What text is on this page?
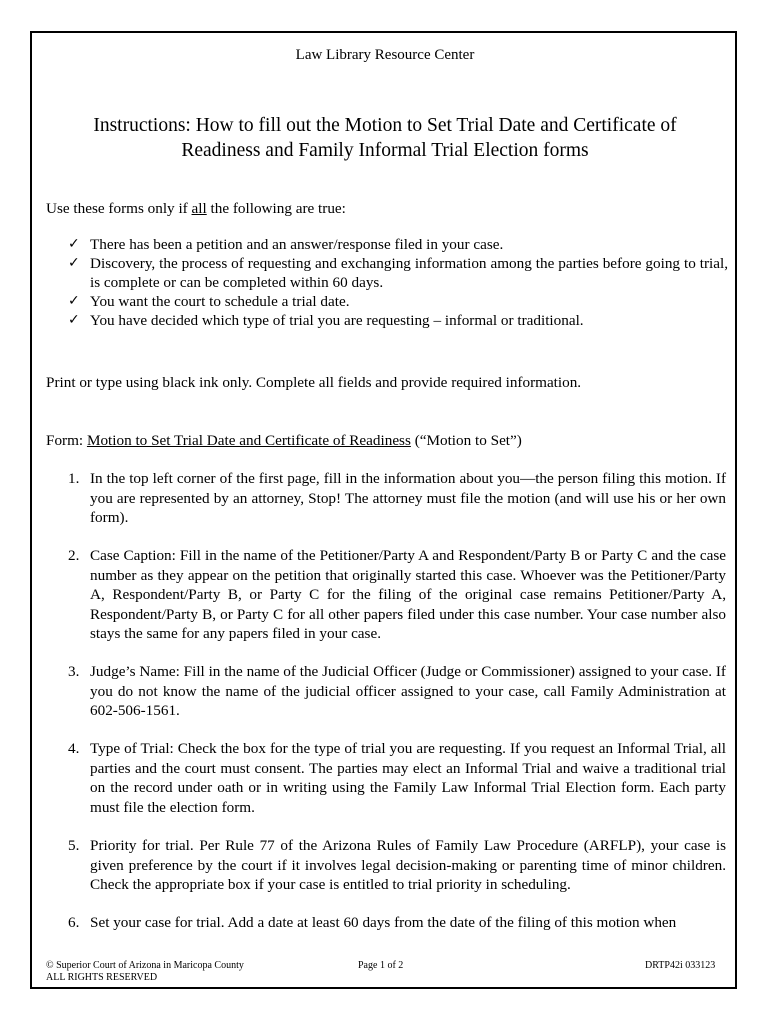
Law Library Resource Center
Instructions: How to fill out the Motion to Set Trial Date and Certificate of
Readiness and Family Informal Trial Election forms
Use these forms only if all the following are true:
✓ There has been a petition and an answer/response filed in your case.
✓ Discovery, the process of requesting and exchanging information among the parties before going to trial, is complete or can be completed within 60 days.
✓ You want the court to schedule a trial date.
✓ You have decided which type of trial you are requesting – informal or traditional.
Print or type using black ink only. Complete all fields and provide required information.
Form: Motion to Set Trial Date and Certificate of Readiness (“Motion to Set”)
1. In the top left corner of the first page, fill in the information about you—the person filing this motion. If you are represented by an attorney, Stop! The attorney must file the motion (and will use his or her own form).
2. Case Caption: Fill in the name of the Petitioner/Party A and Respondent/Party B or Party C and the case number as they appear on the petition that originally started this case. Whoever was the Petitioner/Party A, Respondent/Party B, or Party C for the filing of the original case remains Petitioner/Party A, Respondent/Party B, or Party C for all other papers filed under this case number. Your case number also stays the same for any papers filed in your case.
3. Judge’s Name: Fill in the name of the Judicial Officer (Judge or Commissioner) assigned to your case. If you do not know the name of the judicial officer assigned to your case, call Family Administration at 602-506-1561.
4. Type of Trial: Check the box for the type of trial you are requesting. If you request an Informal Trial, all parties and the court must consent. The parties may elect an Informal Trial and waive a traditional trial on the record under oath or in writing using the Family Law Informal Trial Election form. Each party must file the election form.
5. Priority for trial. Per Rule 77 of the Arizona Rules of Family Law Procedure (ARFLP), your case is given preference by the court if it involves legal decision-making or parenting time of minor children. Check the appropriate box if your case is entitled to trial priority in scheduling.
6. Set your case for trial. Add a date at least 60 days from the date of the filing of this motion when
© Superior Court of Arizona in Maricopa County
ALL RIGHTS RESERVED
Page 1 of 2	DRTP42i 033123
